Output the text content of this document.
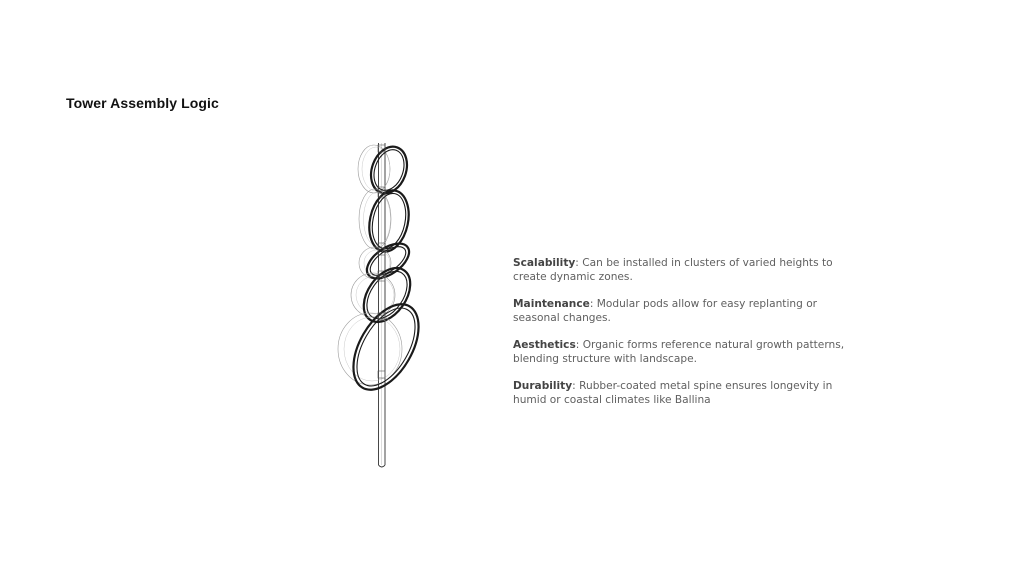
Tower Assembly Logic

Scalability: Can be installed in clusters of varied heights to create dynamic zones.

Maintenance: Modular pods allow for easy replanting or seasonal changes.

Aesthetics: Organic forms reference natural growth patterns, blending structure with landscape.

Durability: Rubber-coated metal spine ensures longevity in humid or coastal climates like Ballina
